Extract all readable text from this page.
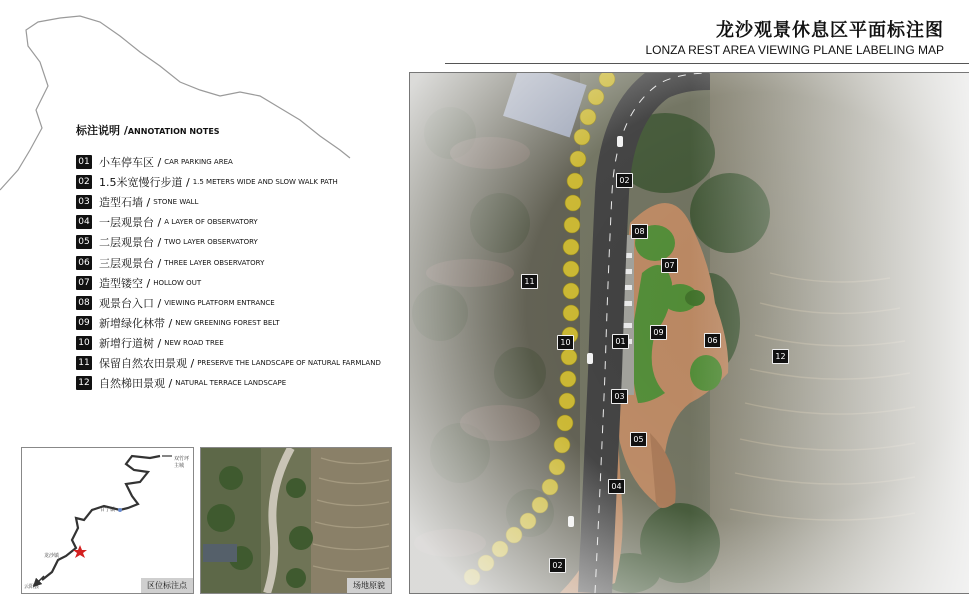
龙沙观景休息区平面标注图
LONZA REST AREA VIEWING PLANE LABELING MAP
标注说明 /ANNOTATION NOTES
01 小车停车区 / CAR PARKING AREA
02 1.5米宽慢行步道 / 1.5 METERS WIDE AND SLOW WALK PATH
03 造型石墙 / STONE WALL
04 一层观景台 / A LAYER OF OBSERVATORY
05 二层观景台 / TWO LAYER OBSERVATORY
06 三层观景台 / THREE LAYER OBSERVATORY
07 造型镂空 / HOLLOW OUT
08 观景台入口 / VIEWING PLATFORM ENTRANCE
09 新增绿化林带 / NEW GREENING FOREST BELT
10 新增行道树 / NEW ROAD TREE
11 保留自然农田景观 / PRESERVE THE LANDSCAPE OF NATURAL FARMLAND
12 自然梯田景观 / NATURAL TERRACE LANDSCAPE
双竹坪
主城
甘宁镇
龙沙镇
云阳县	区位标注点	场地原貌
02
08
07
11
10	01
09
06
12
03
05
04
02
